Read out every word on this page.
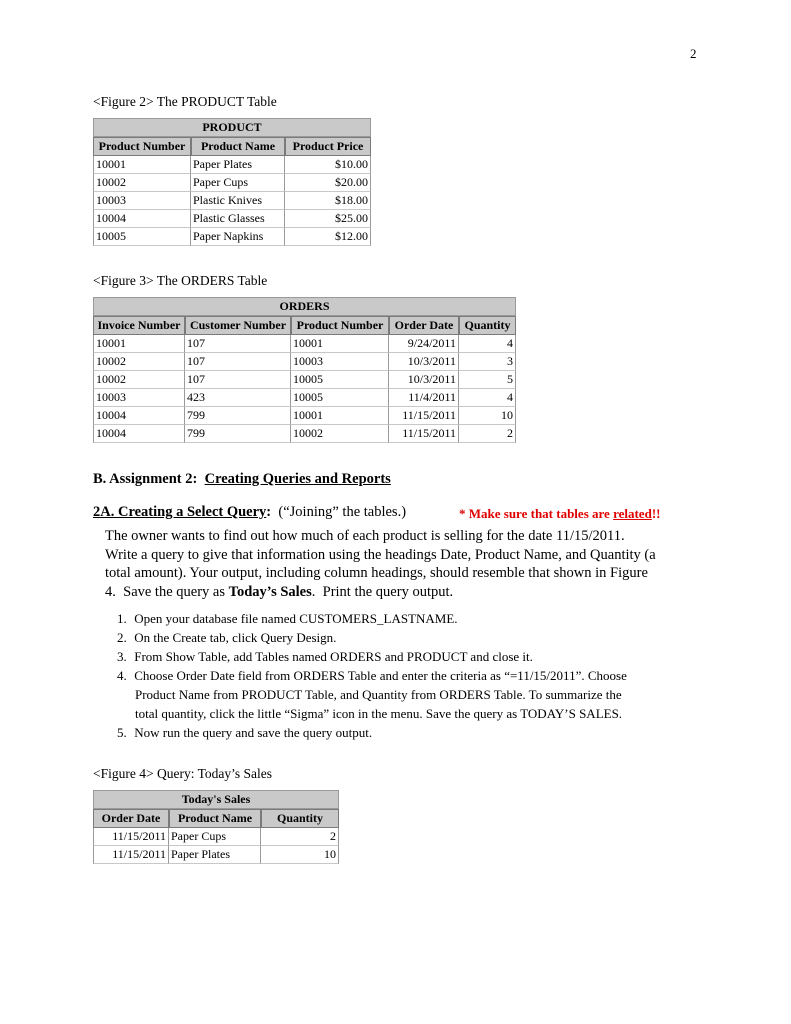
2
<Figure 2> The PRODUCT Table
PRODUCT		
Product Number	Product Name	Product Price
10001	Paper Plates	$10.00
10002	Paper Cups	$20.00
10003	Plastic Knives	$18.00
10004	Plastic Glasses	$25.00
10005	Paper Napkins	$12.00
<Figure 3> The ORDERS Table
ORDERS				
Invoice Number	Customer Number	Product Number	Order Date	Quantity
10001	107	10001	9/24/2011	4
10002	107	10003	10/3/2011	3
10002	107	10005	10/3/2011	5
10003	423	10005	11/4/2011	4
10004	799	10001	11/15/2011	10
10004	799	10002	11/15/2011	2
B. Assignment 2:  Creating Queries and Reports
2A. Creating a Select Query:  (“Joining” the tables.)	* Make sure that tables are related!!
The owner wants to find out how much of each product is selling for the date 11/15/2011.
Write a query to give that information using the headings Date, Product Name, and Quantity (a
total amount). Your output, including column headings, should resemble that shown in Figure
4.  Save the query as Today’s Sales.  Print the query output.
1. Open your database file named CUSTOMERS_LASTNAME.
2. On the Create tab, click Query Design.
3. From Show Table, add Tables named ORDERS and PRODUCT and close it.
4. Choose Order Date field from ORDERS Table and enter the criteria as “=11/15/2011”. Choose
Product Name from PRODUCT Table, and Quantity from ORDERS Table. To summarize the
total quantity, click the little “Sigma” icon in the menu. Save the query as TODAY’S SALES.
5. Now run the query and save the query output.
<Figure 4> Query: Today’s Sales
Today's Sales		
Order Date	Product Name	Quantity
11/15/2011	Paper Cups	2
11/15/2011	Paper Plates	10
